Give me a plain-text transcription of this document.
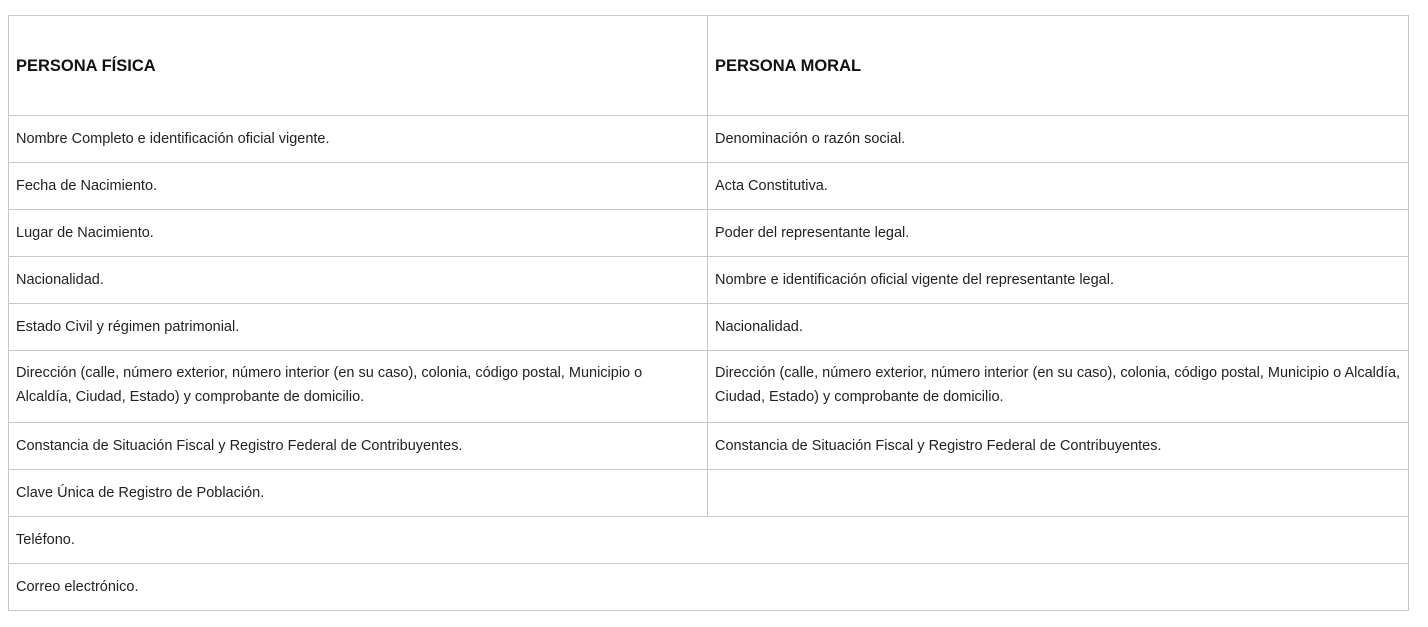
PERSONA FÍSICA	PERSONA MORAL
Nombre Completo e identificación oficial vigente.	Denominación o razón social.
Fecha de Nacimiento.	Acta Constitutiva.
Lugar de Nacimiento.	Poder del representante legal.
Nacionalidad.	Nombre e identificación oficial vigente del representante legal.
Estado Civil y régimen patrimonial.	Nacionalidad.
Dirección (calle, número exterior, número interior (en su caso), colonia, código postal, Municipio o Alcaldía, Ciudad, Estado) y comprobante de domicilio.	Dirección (calle, número exterior, número interior (en su caso), colonia, código postal, Municipio o Alcaldía, Ciudad, Estado) y comprobante de domicilio.
Constancia de Situación Fiscal y Registro Federal de Contribuyentes.	Constancia de Situación Fiscal y Registro Federal de Contribuyentes.
Clave Única de Registro de Población.	
Teléfono.	
Correo electrónico.	
